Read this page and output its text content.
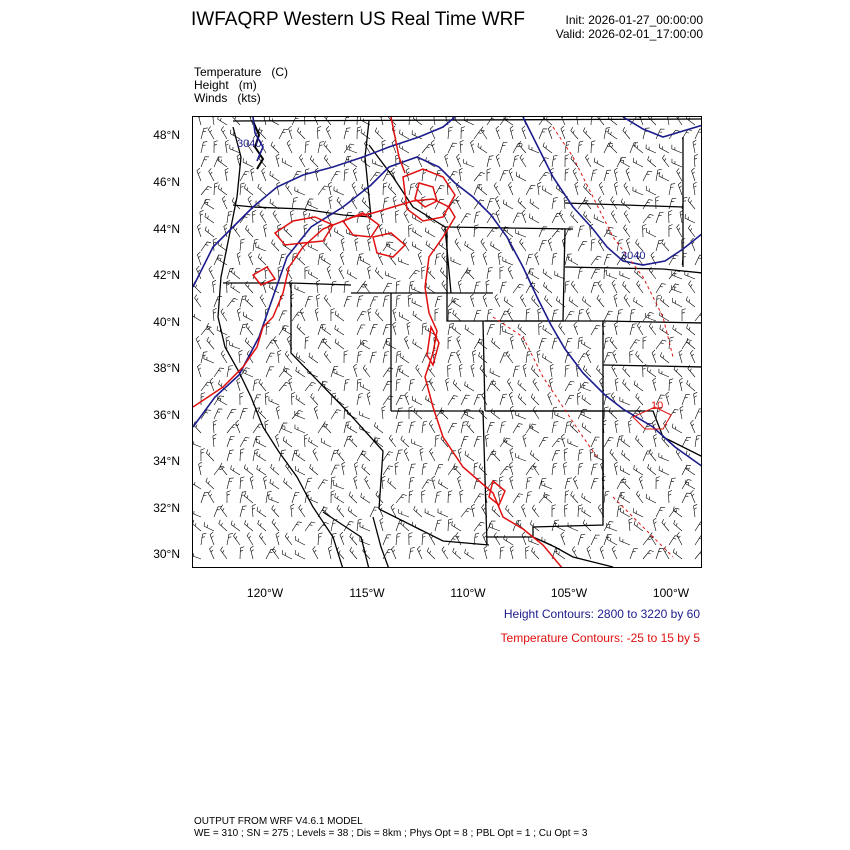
IWFAQRP Western US Real Time WRF	Init: 2026-01-27_00:00:00
Valid: 2026-02-01_17:00:00
Temperature (C)
Height (m)
Winds (kts)
48°N
46°N
44°N
42°N
40°N
38°N
36°N
34°N
32°N
30°N
120°W	115°W	110°W	105°W	100°W
3040
3040
10
Height Contours: 2800 to 3220 by 60
Temperature Contours: -25 to 15 by 5
OUTPUT FROM WRF V4.6.1 MODEL
WE = 310 ; SN = 275 ; Levels = 38 ; Dis = 8km ; Phys Opt = 8 ; PBL Opt = 1 ; Cu Opt = 3
